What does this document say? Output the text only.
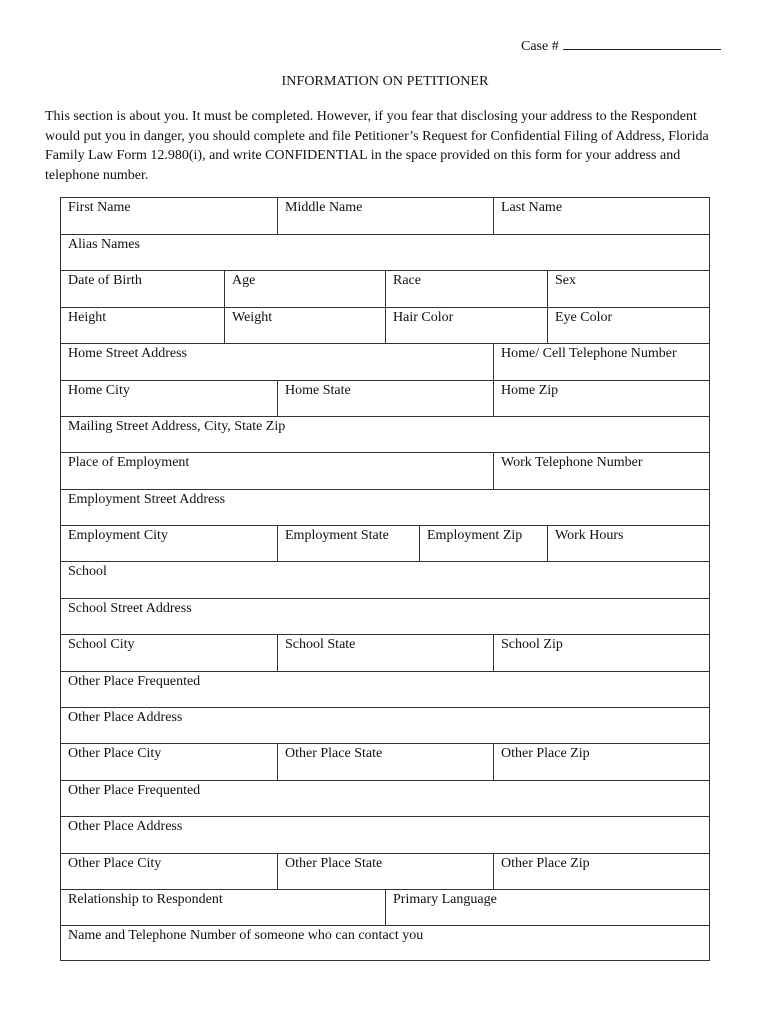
Case #
INFORMATION ON PETITIONER
This section is about you. It must be completed. However, if you fear that disclosing your address to the Respondent would put you in danger, you should complete and file Petitioner’s Request for Confidential Filing of Address, Florida Family Law Form 12.980(i), and write CONFIDENTIAL in the space provided on this form for your address and telephone number.
First Name	Middle Name	Last Name
Alias Names
Date of Birth	Age	Race	Sex
Height	Weight	Hair Color	Eye Color
Home Street Address	Home/ Cell Telephone Number
Home City	Home State	Home Zip
Mailing Street Address, City, State Zip
Place of Employment	Work Telephone Number
Employment Street Address
Employment City	Employment State	Employment Zip	Work Hours
School
School Street Address
School City	School State	School Zip
Other Place Frequented
Other Place Address
Other Place City	Other Place State	Other Place Zip
Other Place Frequented
Other Place Address
Other Place City	Other Place State	Other Place Zip
Relationship to Respondent	Primary Language
Name and Telephone Number of someone who can contact you
